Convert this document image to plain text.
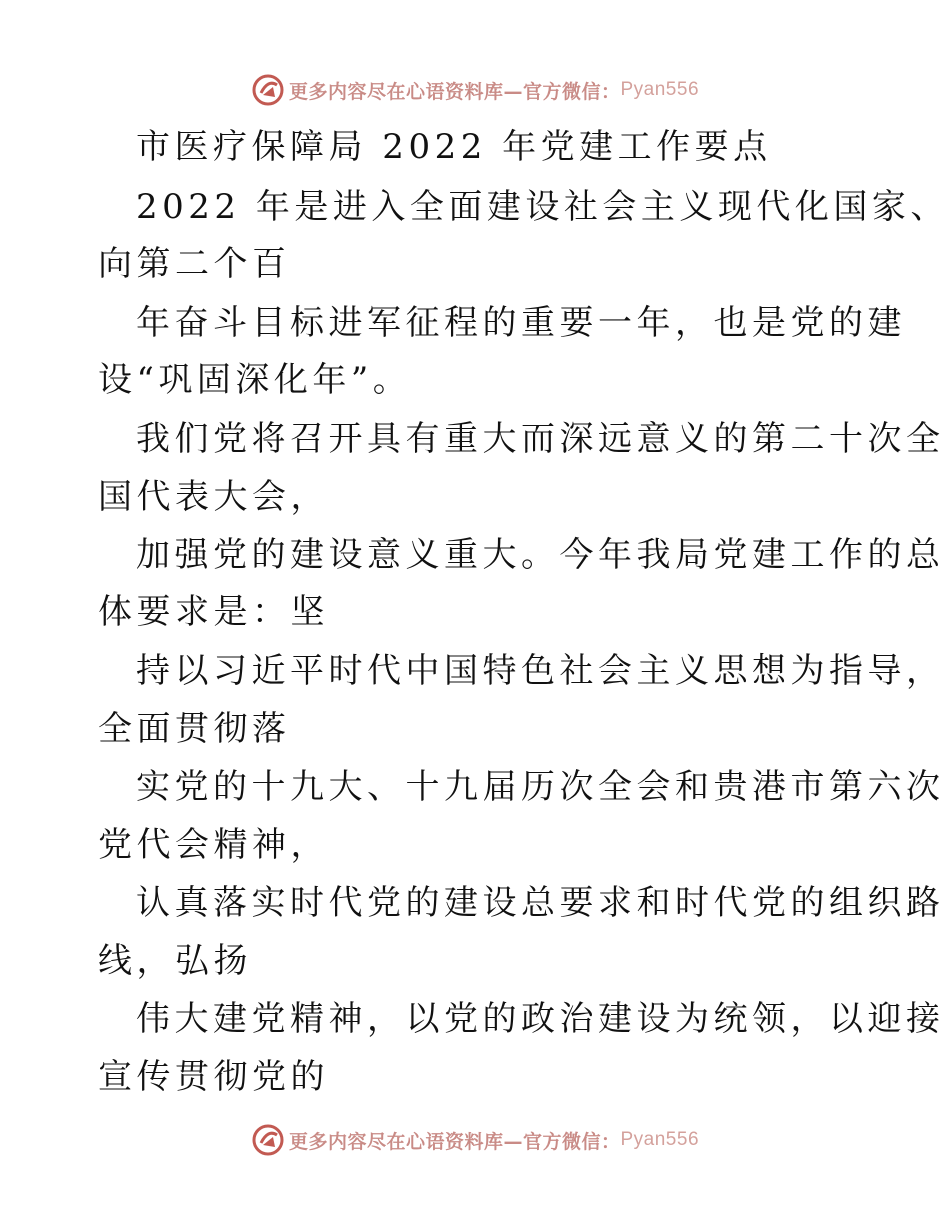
更多内容尽在心语资料库—官方微信： Pyan556
市医疗保障局 2022 年党建工作要点
2022 年是进入全面建设社会主义现代化国家、
向第二个百
年奋斗目标进军征程的重要一年，也是党的建
设“巩固深化年”。
我们党将召开具有重大而深远意义的第二十次全
国代表大会，
加强党的建设意义重大。今年我局党建工作的总
体要求是：坚
持以习近平时代中国特色社会主义思想为指导，
全面贯彻落
实党的十九大、十九届历次全会和贵港市第六次
党代会精神，
认真落实时代党的建设总要求和时代党的组织路
线，弘扬
伟大建党精神，以党的政治建设为统领，以迎接
宣传贯彻党的
更多内容尽在心语资料库—官方微信： Pyan556
